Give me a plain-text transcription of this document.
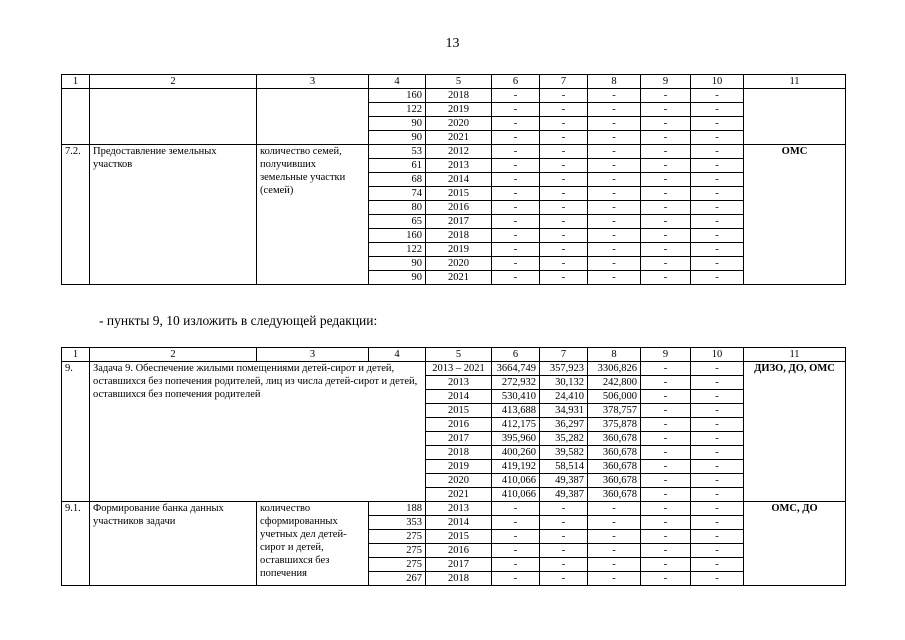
13
1	2	3	4	5	6	7	8	9	10	11
			160	2018	-	-	-	-	-	
			122	2019	-	-	-	-	-	
			90	2020	-	-	-	-	-	
			90	2021	-	-	-	-	-	
7.2.	Предоставление земельных участков	количество семей, получивших земельные участки (семей)	53	2012	-	-	-	-	-	ОМС
			61	2013	-	-	-	-	-	
			68	2014	-	-	-	-	-	
			74	2015	-	-	-	-	-	
			80	2016	-	-	-	-	-	
			65	2017	-	-	-	-	-	
			160	2018	-	-	-	-	-	
			122	2019	-	-	-	-	-	
			90	2020	-	-	-	-	-	
			90	2021	-	-	-	-	-	
- пункты 9, 10 изложить в следующей редакции:
1	2	3	4	5	6	7	8	9	10	11
9.	Задача 9. Обеспечение жилыми помещениями детей-сирот и детей, оставшихся без попечения родителей, лиц из числа детей-сирот и детей, оставшихся без попечения родителей			2013 – 2021	3664,749	357,923	3306,826	-	-	ДИЗО, ДО, ОМС
				2013	272,932	30,132	242,800	-	-	
				2014	530,410	24,410	506,000	-	-	
				2015	413,688	34,931	378,757	-	-	
				2016	412,175	36,297	375,878	-	-	
				2017	395,960	35,282	360,678	-	-	
				2018	400,260	39,582	360,678	-	-	
				2019	419,192	58,514	360,678	-	-	
				2020	410,066	49,387	360,678	-	-	
				2021	410,066	49,387	360,678	-	-	
9.1.	Формирование банка данных участников задачи	количество сформированных учетных дел детей-сирот и детей, оставшихся без попечения	188	2013	-	-	-	-	-	ОМС, ДО
			353	2014	-	-	-	-	-	
			275	2015	-	-	-	-	-	
			275	2016	-	-	-	-	-	
			275	2017	-	-	-	-	-	
			267	2018	-	-	-	-	-	
